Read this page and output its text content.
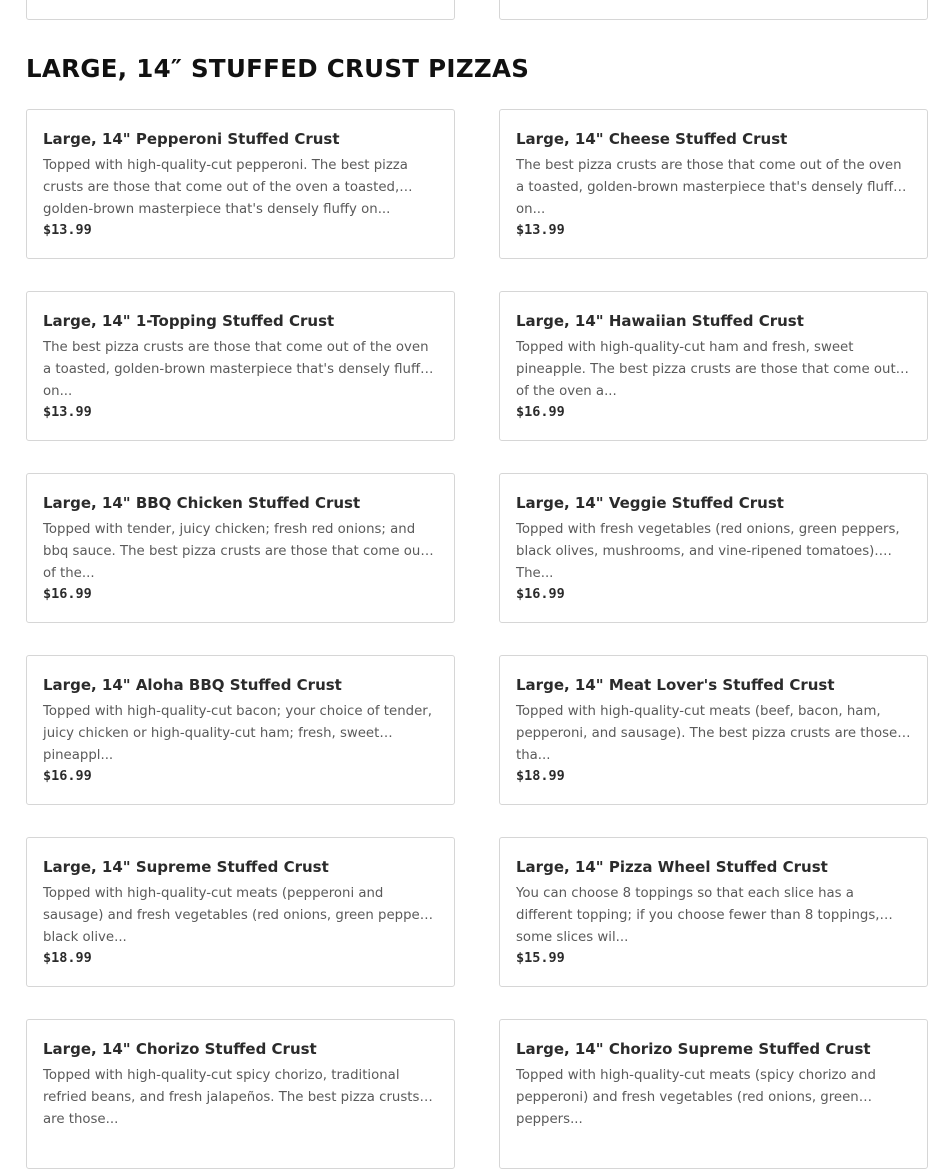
LARGE, 14″ STUFFED CRUST PIZZAS
Large, 14" Pepperoni Stuffed Crust
Topped with high-quality-cut pepperoni. The best pizza crusts are those that come out of the oven a toasted, golden-brown masterpiece that's densely fluffy on...
$13.99
Large, 14" Cheese Stuffed Crust
The best pizza crusts are those that come out of the oven a toasted, golden-brown masterpiece that's densely fluffy on...
$13.99
Large, 14" 1-Topping Stuffed Crust
The best pizza crusts are those that come out of the oven a toasted, golden-brown masterpiece that's densely fluffy on...
$13.99
Large, 14" Hawaiian Stuffed Crust
Topped with high-quality-cut ham and fresh, sweet pineapple. The best pizza crusts are those that come out of the oven a...
$16.99
Large, 14" BBQ Chicken Stuffed Crust
Topped with tender, juicy chicken; fresh red onions; and bbq sauce. The best pizza crusts are those that come out of the...
$16.99
Large, 14" Veggie Stuffed Crust
Topped with fresh vegetables (red onions, green peppers, black olives, mushrooms, and vine-ripened tomatoes). The...
$16.99
Large, 14" Aloha BBQ Stuffed Crust
Topped with high-quality-cut bacon; your choice of tender, juicy chicken or high-quality-cut ham; fresh, sweet pineappl...
$16.99
Large, 14" Meat Lover's Stuffed Crust
Topped with high-quality-cut meats (beef, bacon, ham, pepperoni, and sausage). The best pizza crusts are those tha...
$18.99
Large, 14" Supreme Stuffed Crust
Topped with high-quality-cut meats (pepperoni and sausage) and fresh vegetables (red onions, green peppers, black olive...
$18.99
Large, 14" Pizza Wheel Stuffed Crust
You can choose 8 toppings so that each slice has a different topping; if you choose fewer than 8 toppings, some slices wil...
$15.99
Large, 14" Chorizo Stuffed Crust
Topped with high-quality-cut spicy chorizo, traditional refried beans, and fresh jalapeños. The best pizza crusts are those...
Large, 14" Chorizo Supreme Stuffed Crust
Topped with high-quality-cut meats (spicy chorizo and pepperoni) and fresh vegetables (red onions, green peppers...
